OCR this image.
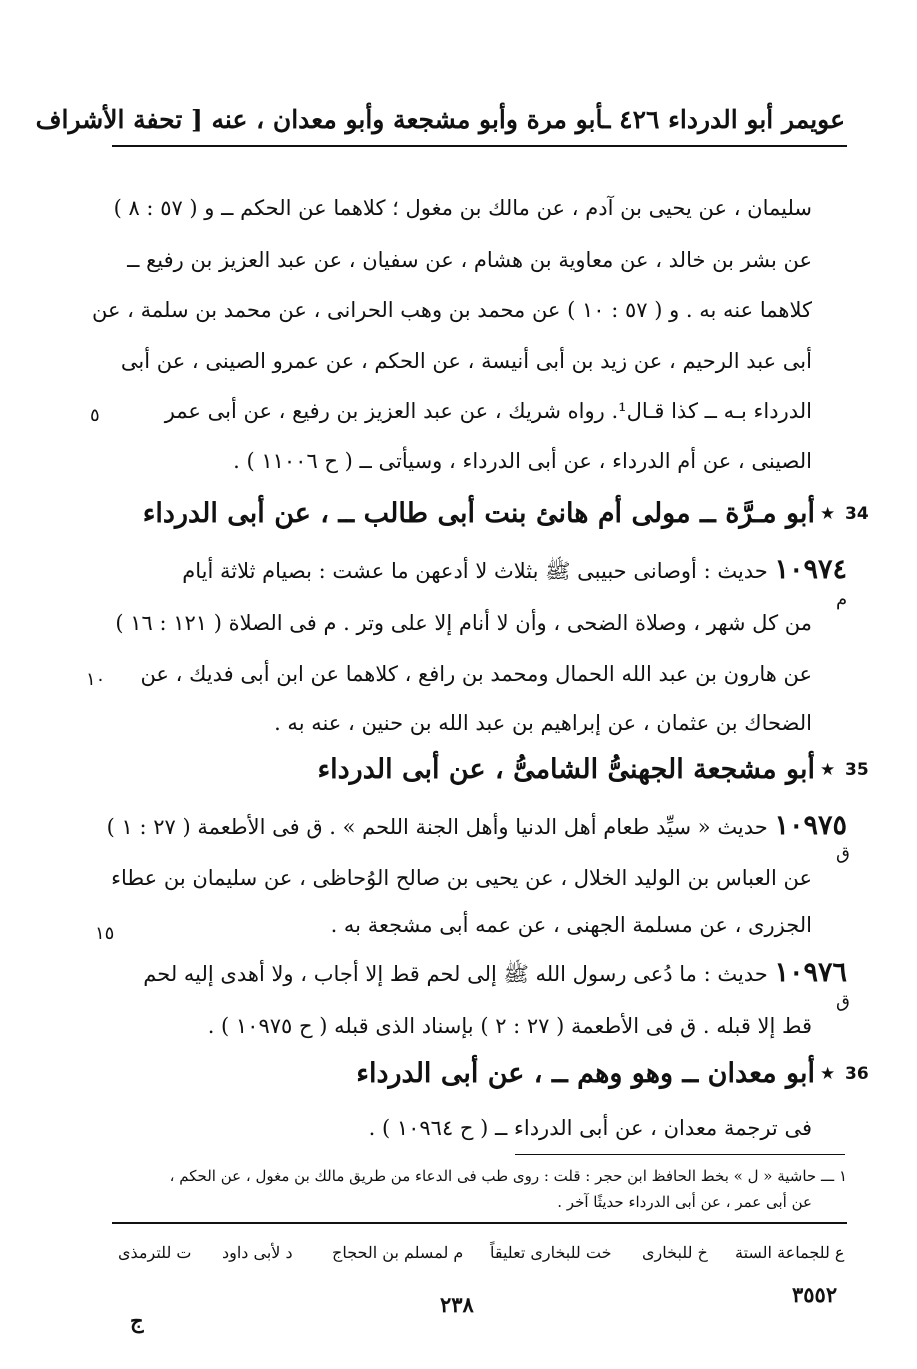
عويمر أبو الدرداء ٤٢٦ ـأبو مرة وأبو مشجعة وأبو معدان ، عنه [ تحفة الأشراف
سليمان ، عن يحيى بن آدم ، عن مالك بن مغول ؛ كلاهما عن الحكم ــ و ( ٥٧ : ٨ )
عن بشر بن خالد ، عن معاوية بن هشام ، عن سفيان ، عن عبد العزيز بن رفيع ــ
كلاهما عنه به . و ( ٥٧ : ١٠ ) عن محمد بن وهب الحرانى ، عن محمد بن سلمة ، عن
أبى عبد الرحيم ، عن زيد بن أبى أنيسة ، عن الحكم ، عن عمرو الصينى ، عن أبى
الدرداء بـه ــ كذا قـال¹. رواه شريك ، عن عبد العزيز بن رفيع ، عن أبى عمر
الصينى ، عن أم الدرداء ، عن أبى الدرداء ، وسيأتى ــ ( ح ١١٠٠٦ ) .
٥
34
★
أبو مـرَّة ــ مولى أم هانئ بنت أبى طالب ــ ، عن أبى الدرداء
١٠٩٧٤ حديث : أوصانى حبيبى ﷺ بثلاث لا أدعهن ما عشت : بصيام ثلاثة أيام
م
من كل شهر ، وصلاة الضحى ، وأن لا أنام إلا على وتر . م فى الصلاة ( ١٢١ : ١٦ )
عن هارون بن عبد الله الحمال ومحمد بن رافع ، كلاهما عن ابن أبى فديك ، عن
الضحاك بن عثمان ، عن إبراهيم بن عبد الله بن حنين ، عنه به .
١٠
35
★
أبو مشجعة الجهنىُّ الشامىُّ ، عن أبى الدرداء
١٠٩٧٥ حديث « سيِّد طعام أهل الدنيا وأهل الجنة اللحم » . ق فى الأطعمة ( ٢٧ : ١ )
ق
عن العباس بن الوليد الخلال ، عن يحيى بن صالح الوُحاظى ، عن سليمان بن عطاء
الجزرى ، عن مسلمة الجهنى ، عن عمه أبى مشجعة به .
١٥
١٠٩٧٦ حديث : ما دُعى رسول الله ﷺ إلى لحم قط إلا أجاب ، ولا أهدى إليه لحم
ق
قط إلا قبله . ق فى الأطعمة ( ٢٧ : ٢ ) بإسناد الذى قبله ( ح ١٠٩٧٥ ) .
36
★
أبو معدان ــ وهو وهم ــ ، عن أبى الدرداء
فى ترجمة معدان ، عن أبى الدرداء ــ ( ح ١٠٩٦٤ ) .
١ ـــ حاشية « ل » بخط الحافظ ابن حجر : قلت : روى طب فى الدعاء من طريق مالك بن مغول ، عن الحكم ،
عن أبى عمر ، عن أبى الدرداء حديثًا آخر .
ع للجماعة الستة
خ للبخارى
خت للبخارى تعليقاً
م لمسلم بن الحجاج
د لأبى داود
ت للترمذى
٢٣٨	٣٥٥٢
ج
